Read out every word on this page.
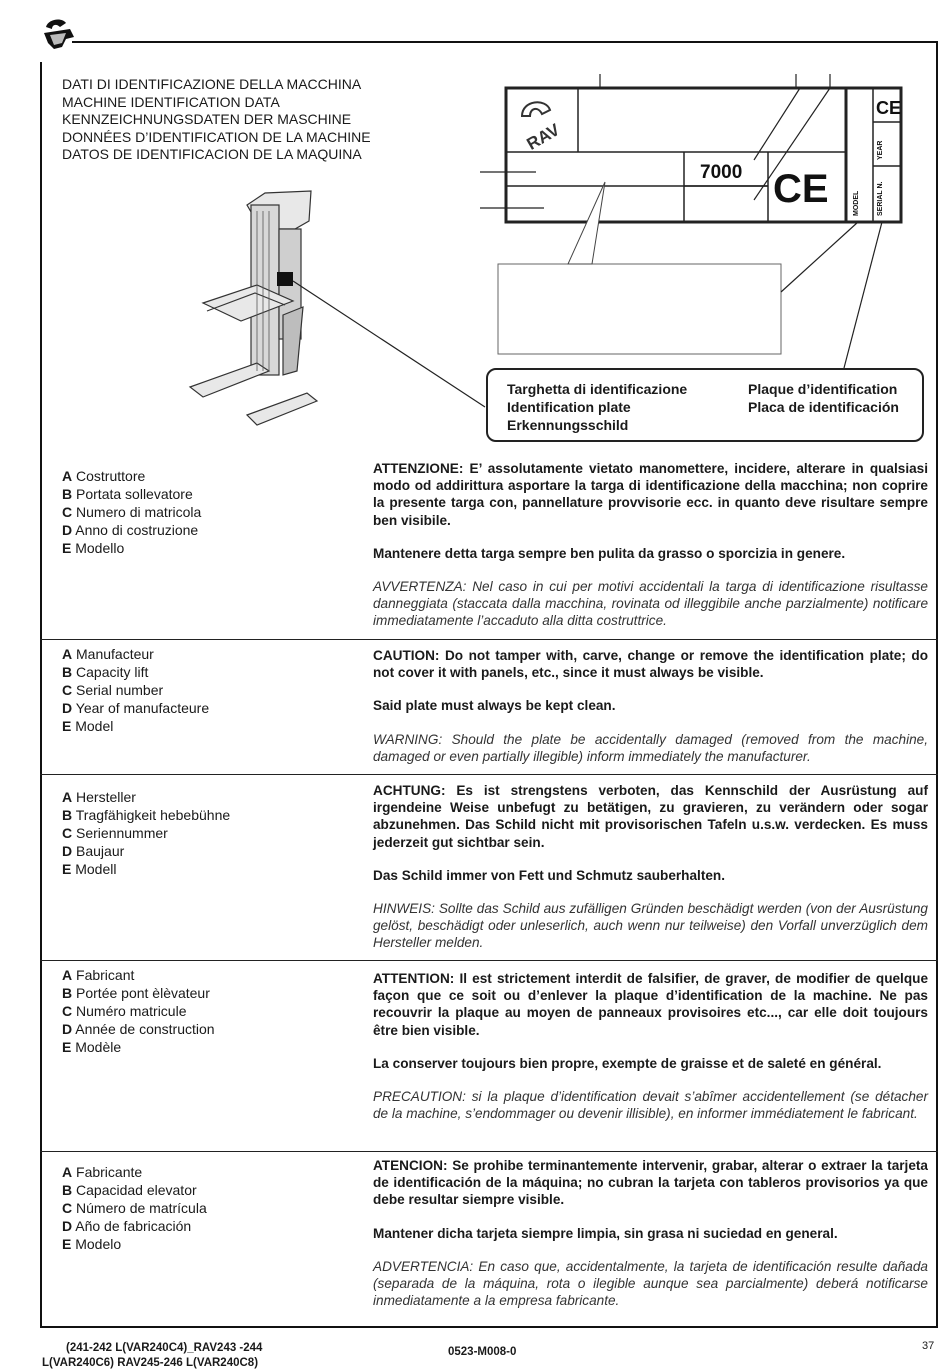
DATI DI IDENTIFICAZIONE DELLA MACCHINA
MACHINE IDENTIFICATION DATA
KENNZEICHNUNGSDATEN DER MASCHINE
DONNÉES D’IDENTIFICATION DE LA MACHINE
DATOS DE IDENTIFICACION DE LA MAQUINA
RAV
CE
7000
CE
MODEL SERIAL N.
YEAR
Targhetta di identificazione
Identification plate
Erkennungsschild
Plaque d’identification
Placa de identificación
A Costruttore
B Portata sollevatore
C Numero di matricola
D Anno di costruzione
E Modello

ATTENZIONE: E’ assolutamente vietato manomettere, incidere, alterare in qualsiasi modo od addirittura asportare la targa di identificazione della macchina; non coprire la presente targa con, pannellature provvisorie ecc. in quanto deve risultare sempre ben visibile.

Mantenere detta targa sempre ben pulita da grasso o sporcizia in genere.

AVVERTENZA: Nel caso in cui per motivi accidentali la targa di identificazione risultasse danneggiata (staccata dalla macchina, rovinata od illeggibile anche parzialmente) notificare immediatamente l’accaduto alla ditta costruttrice.

A Manufacteur
B Capacity lift
C Serial number
D Year of manufacteure
E Model

CAUTION: Do not tamper with, carve, change or remove the identification plate; do not cover it with panels, etc., since it must always be visible.

Said plate must always be kept clean.

WARNING: Should the plate be accidentally damaged (removed from the machine, damaged or even partially illegible) inform immediately the manufacturer.

A Hersteller
B Tragfähigkeit hebebühne
C Seriennummer
D Baujaur
E Modell

ACHTUNG: Es ist strengstens verboten, das Kennschild der Ausrüstung auf irgendeine Weise unbefugt zu betätigen, zu gravieren, zu verändern oder sogar abzunehmen. Das Schild nicht mit provisorischen Tafeln u.s.w. verdecken. Es muss jederzeit gut sichtbar sein.

Das Schild immer von Fett und Schmutz sauberhalten.

HINWEIS: Sollte das Schild aus zufälligen Gründen beschädigt werden (von der Ausrüstung gelöst, beschädigt oder unleserlich, auch wenn nur teilweise) den Vorfall unverzüglich dem Hersteller melden.

A Fabricant
B Portée pont èlèvateur
C Numéro matricule
D Année de construction
E Modèle

ATTENTION: Il est strictement interdit de falsifier, de graver, de modifier de quelque façon que ce soit ou d’enlever la plaque d’identification de la machine. Ne pas recouvrir la plaque au moyen de panneaux provisoires etc..., car elle doit toujours être bien visible.

La conserver toujours bien propre, exempte de graisse et de saleté en général.

PRECAUTION: si la plaque d’identification devait s’abîmer accidentellement (se détacher de la machine, s’endommager ou devenir illisible), en informer immédiatement le fabricant.

A Fabricante
B Capacidad elevator
C Número de matrícula
D Año de fabricación
E Modelo

ATENCION: Se prohibe terminantemente intervenir, grabar, alterar o extraer la tarjeta de identificación de la máquina; no cubran la tarjeta con tableros provisorios ya que debe resultar siempre visible.

Mantener dicha tarjeta siempre limpia, sin grasa ni suciedad en general.

ADVERTENCIA: En caso que, accidentalmente, la tarjeta de identificación resulte dañada (separada de la máquina, rota o ilegible aunque sea parcialmente) deberá notificarse inmediatamente a la empresa fabricante.

(241-242 L(VAR240C4)_RAV243 -244
L(VAR240C6) RAV245-246 L(VAR240C8)
0523-M008-0	37
